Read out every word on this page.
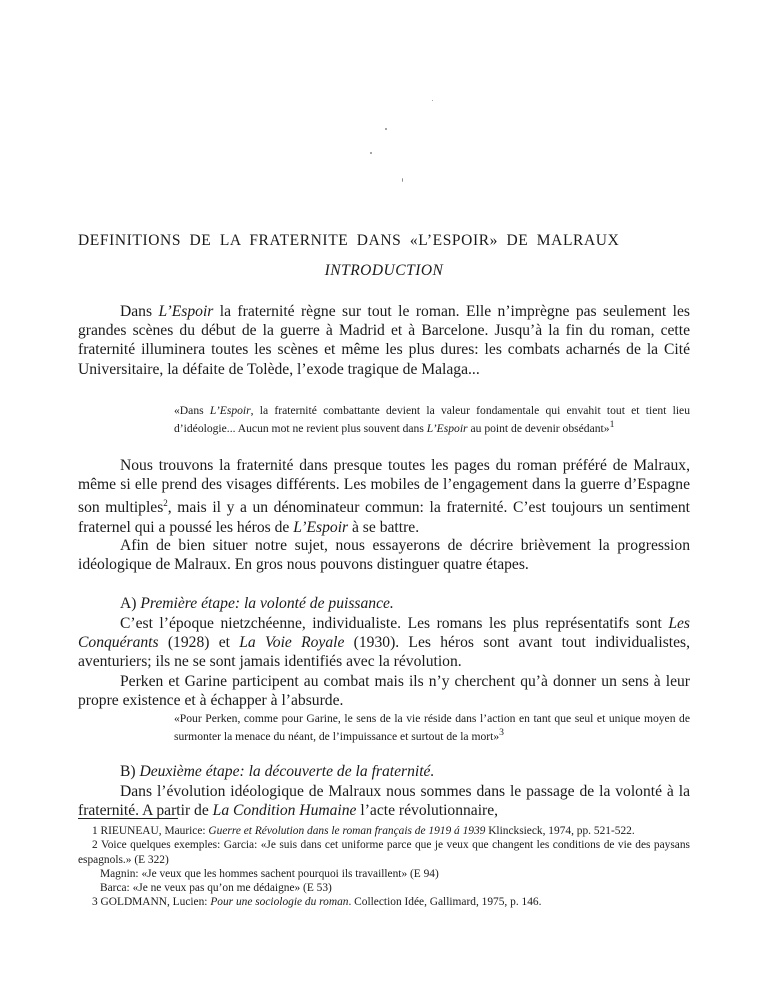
DEFINITIONS DE LA FRATERNITE DANS «L’ESPOIR» DE MALRAUX
INTRODUCTION
Dans L’Espoir la fraternité règne sur tout le roman. Elle n’imprègne pas seulement les grandes scènes du début de la guerre à Madrid et à Barcelone. Jusqu’à la fin du roman, cette fraternité illuminera toutes les scènes et même les plus dures: les combats acharnés de la Cité Universitaire, la défaite de Tolède, l’exode tragique de Malaga...
«Dans L’Espoir, la fraternité combattante devient la valeur fondamentale qui envahit tout et tient lieu d’idéologie... Aucun mot ne revient plus souvent dans L’Espoir au point de devenir obsédant»$^1$
Nous trouvons la fraternité dans presque toutes les pages du roman préféré de Malraux, même si elle prend des visages différents. Les mobiles de l’engagement dans la guerre d’Espagne son multiples$^2$, mais il y a un dénominateur commun: la fraternité. C’est toujours un sentiment fraternel qui a poussé les héros de L’Espoir à se battre.
Afin de bien situer notre sujet, nous essayerons de décrire brièvement la progression idéologique de Malraux. En gros nous pouvons distinguer quatre étapes.
A) Première étape: la volonté de puissance.
C’est l’époque nietzchéenne, individualiste. Les romans les plus représentatifs sont Les Conquérants (1928) et La Voie Royale (1930). Les héros sont avant tout individualistes, aventuriers; ils ne se sont jamais identifiés avec la révolution.
Perken et Garine participent au combat mais ils n’y cherchent qu’à donner un sens à leur propre existence et à échapper à l’absurde.
«Pour Perken, comme pour Garine, le sens de la vie réside dans l’action en tant que seul et unique moyen de surmonter la menace du néant, de l’impuissance et surtout de la mort»$^3$
B) Deuxième étape: la découverte de la fraternité.
Dans l’évolution idéologique de Malraux nous sommes dans le passage de la volonté à la fraternité. A partir de La Condition Humaine l’acte révolutionnaire,
1 RIEUNEAU, Maurice: Guerre et Révolution dans le roman français de 1919 á 1939 Klincksieck, 1974, pp. 521-522.
2 Voice quelques exemples: Garcia: «Je suis dans cet uniforme parce que je veux que changent les conditions de vie des paysans espagnols.» (E 322)
Magnin: «Je veux que les hommes sachent pourquoi ils travaillent» (E 94)
Barca: «Je ne veux pas qu’on me dédaigne» (E 53)
3 GOLDMANN, Lucien: Pour une sociologie du roman. Collection Idée, Gallimard, 1975, p. 146.
